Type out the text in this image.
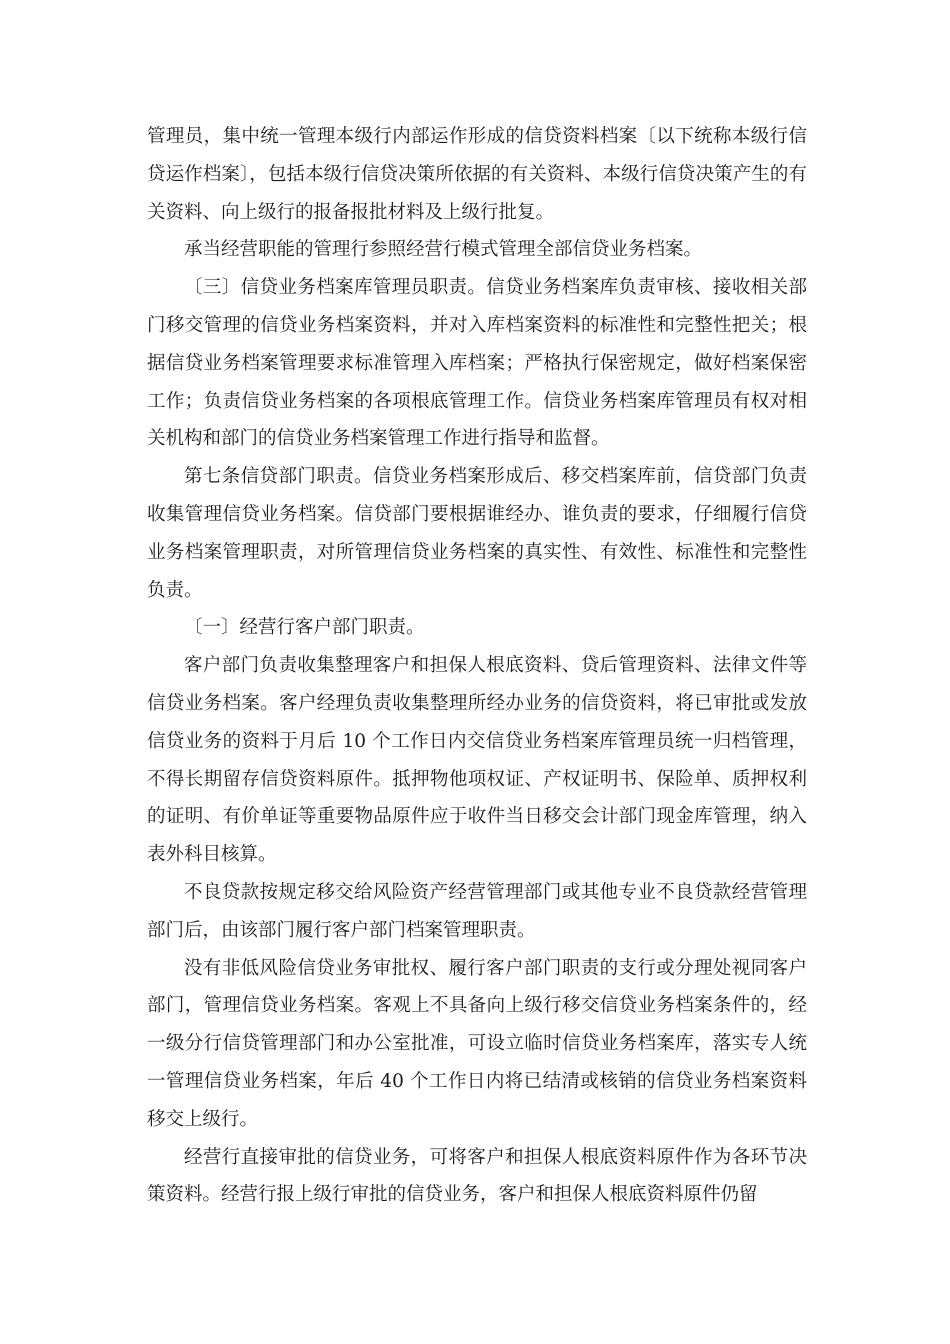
管理员，集中统一管理本级行内部运作形成的信贷资料档案〔以下统称本级行信贷运作档案〕，包括本级行信贷决策所依据的有关资料、本级行信贷决策产生的有关资料、向上级行的报备报批材料及上级行批复。

承当经营职能的管理行参照经营行模式管理全部信贷业务档案。

〔三〕信贷业务档案库管理员职责。信贷业务档案库负责审核、接收相关部门移交管理的信贷业务档案资料，并对入库档案资料的标准性和完整性把关；根据信贷业务档案管理要求标准管理入库档案；严格执行保密规定，做好档案保密工作；负责信贷业务档案的各项根底管理工作。信贷业务档案库管理员有权对相关机构和部门的信贷业务档案管理工作进行指导和监督。

第七条信贷部门职责。信贷业务档案形成后、移交档案库前，信贷部门负责收集管理信贷业务档案。信贷部门要根据谁经办、谁负责的要求，仔细履行信贷业务档案管理职责，对所管理信贷业务档案的真实性、有效性、标准性和完整性负责。

〔一〕经营行客户部门职责。

客户部门负责收集整理客户和担保人根底资料、贷后管理资料、法律文件等信贷业务档案。客户经理负责收集整理所经办业务的信贷资料，将已审批或发放信贷业务的资料于月后 10 个工作日内交信贷业务档案库管理员统一归档管理，不得长期留存信贷资料原件。抵押物他项权证、产权证明书、保险单、质押权利的证明、有价单证等重要物品原件应于收件当日移交会计部门现金库管理，纳入表外科目核算。

不良贷款按规定移交给风险资产经营管理部门或其他专业不良贷款经营管理部门后，由该部门履行客户部门档案管理职责。

没有非低风险信贷业务审批权、履行客户部门职责的支行或分理处视同客户部门，管理信贷业务档案。客观上不具备向上级行移交信贷业务档案条件的，经一级分行信贷管理部门和办公室批准，可设立临时信贷业务档案库，落实专人统一管理信贷业务档案，年后 40 个工作日内将已结清或核销的信贷业务档案资料移交上级行。

经营行直接审批的信贷业务，可将客户和担保人根底资料原件作为各环节决策资料。经营行报上级行审批的信贷业务，客户和担保人根底资料原件仍留
